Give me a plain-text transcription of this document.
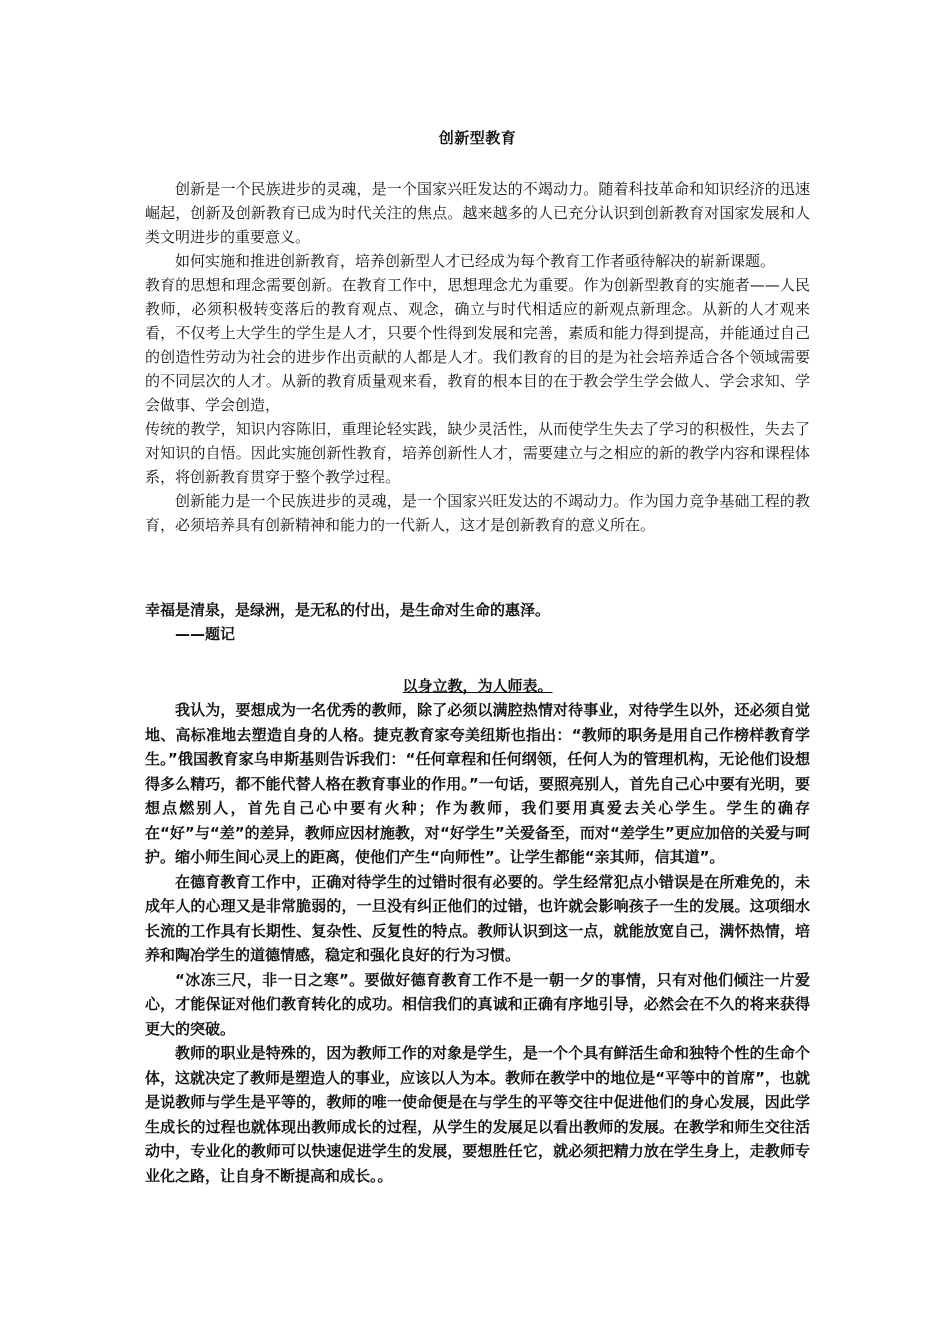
创新型教育

创新是一个民族进步的灵魂，是一个国家兴旺发达的不竭动力。随着科技革命和知识经济的迅速崛起，创新及创新教育已成为时代关注的焦点。越来越多的人已充分认识到创新教育对国家发展和人类文明进步的重要意义。

如何实施和推进创新教育，培养创新型人才已经成为每个教育工作者亟待解决的崭新课题。

教育的思想和理念需要创新。在教育工作中，思想理念尤为重要。作为创新型教育的实施者——人民教师，必须积极转变落后的教育观点、观念，确立与时代相适应的新观点新理念。从新的人才观来看，不仅考上大学生的学生是人才，只要个性得到发展和完善，素质和能力得到提高，并能通过自己的创造性劳动为社会的进步作出贡献的人都是人才。我们教育的目的是为社会培养适合各个领域需要的不同层次的人才。从新的教育质量观来看，教育的根本目的在于教会学生学会做人、学会求知、学会做事、学会创造，

传统的教学，知识内容陈旧，重理论轻实践，缺少灵活性，从而使学生失去了学习的积极性，失去了对知识的自悟。因此实施创新性教育，培养创新性人才，需要建立与之相应的新的教学内容和课程体系，将创新教育贯穿于整个教学过程。

创新能力是一个民族进步的灵魂，是一个国家兴旺发达的不竭动力。作为国力竞争基础工程的教育，必须培养具有创新精神和能力的一代新人，这才是创新教育的意义所在。

幸福是清泉，是绿洲，是无私的付出，是生命对生命的惠泽。

——题记

以身立教，为人师表。

我认为，要想成为一名优秀的教师，除了必须以满腔热情对待事业，对待学生以外，还必须自觉地、高标准地去塑造自身的人格。捷克教育家夸美纽斯也指出：“教师的职务是用自己作榜样教育学生。”俄国教育家乌申斯基则告诉我们：“任何章程和任何纲领，任何人为的管理机构，无论他们设想得多么精巧，都不能代替人格在教育事业的作用。”一句话，要照亮别人，首先自己心中要有光明，要想点燃别人，首先自己心中要有火种；作为教师，我们要用真爱去关心学生。学生的确存在“好”与“差”的差异，教师应因材施教，对“好学生”关爱备至，而对“差学生”更应加倍的关爱与呵护。缩小师生间心灵上的距离，使他们产生“向师性”。让学生都能“亲其师，信其道”。

在德育教育工作中，正确对待学生的过错时很有必要的。学生经常犯点小错误是在所难免的，未成年人的心理又是非常脆弱的，一旦没有纠正他们的过错，也许就会影响孩子一生的发展。这项细水长流的工作具有长期性、复杂性、反复性的特点。教师认识到这一点，就能放宽自己，满怀热情，培养和陶冶学生的道德情感，稳定和强化良好的行为习惯。

“冰冻三尺，非一日之寒”。要做好德育教育工作不是一朝一夕的事情，只有对他们倾注一片爱心，才能保证对他们教育转化的成功。相信我们的真诚和正确有序地引导，必然会在不久的将来获得更大的突破。

教师的职业是特殊的，因为教师工作的对象是学生，是一个个具有鲜活生命和独特个性的生命个体，这就决定了教师是塑造人的事业，应该以人为本。教师在教学中的地位是“平等中的首席”，也就是说教师与学生是平等的，教师的唯一使命便是在与学生的平等交往中促进他们的身心发展，因此学生成长的过程也就体现出教师成长的过程，从学生的发展足以看出教师的发展。在教学和师生交往活动中，专业化的教师可以快速促进学生的发展，要想胜任它，就必须把精力放在学生身上，走教师专业化之路，让自身不断提高和成长。。
